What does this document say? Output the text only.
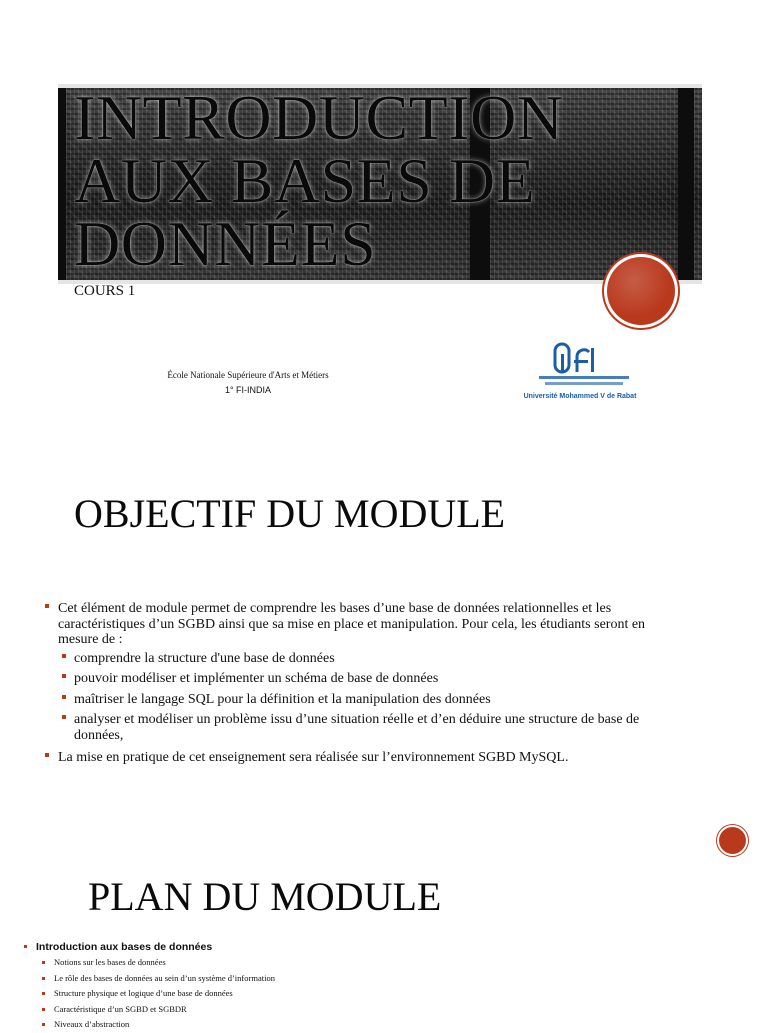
INTRODUCTION AUX BASES DE DONNÉES

COURS 1

École Nationale Supérieure d'Arts et Métiers

1° FI-INDIA

Université Mohammed V de Rabat

OBJECTIF DU MODULE
Cet élément de module permet de comprendre les bases d’une base de données relationnelles et les caractéristiques d’un SGBD ainsi que sa mise en place et manipulation. Pour cela, les étudiants seront en mesure de :
comprendre la structure d'une base de données
pouvoir modéliser et implémenter un schéma de base de données
maîtriser le langage SQL pour la définition et la manipulation des données
analyser et modéliser un problème issu d’une situation réelle et d’en déduire une structure de base de données,
La mise en pratique de cet enseignement sera réalisée sur l’environnement SGBD MySQL.
PLAN DU MODULE
Introduction aux bases de données
Notions sur les bases de données
Le rôle des bases de données au sein d’un système d’information
Structure physique et logique d’une base de données
Caractéristique d’un SGBD et SGBDR
Niveaux d’abstraction
